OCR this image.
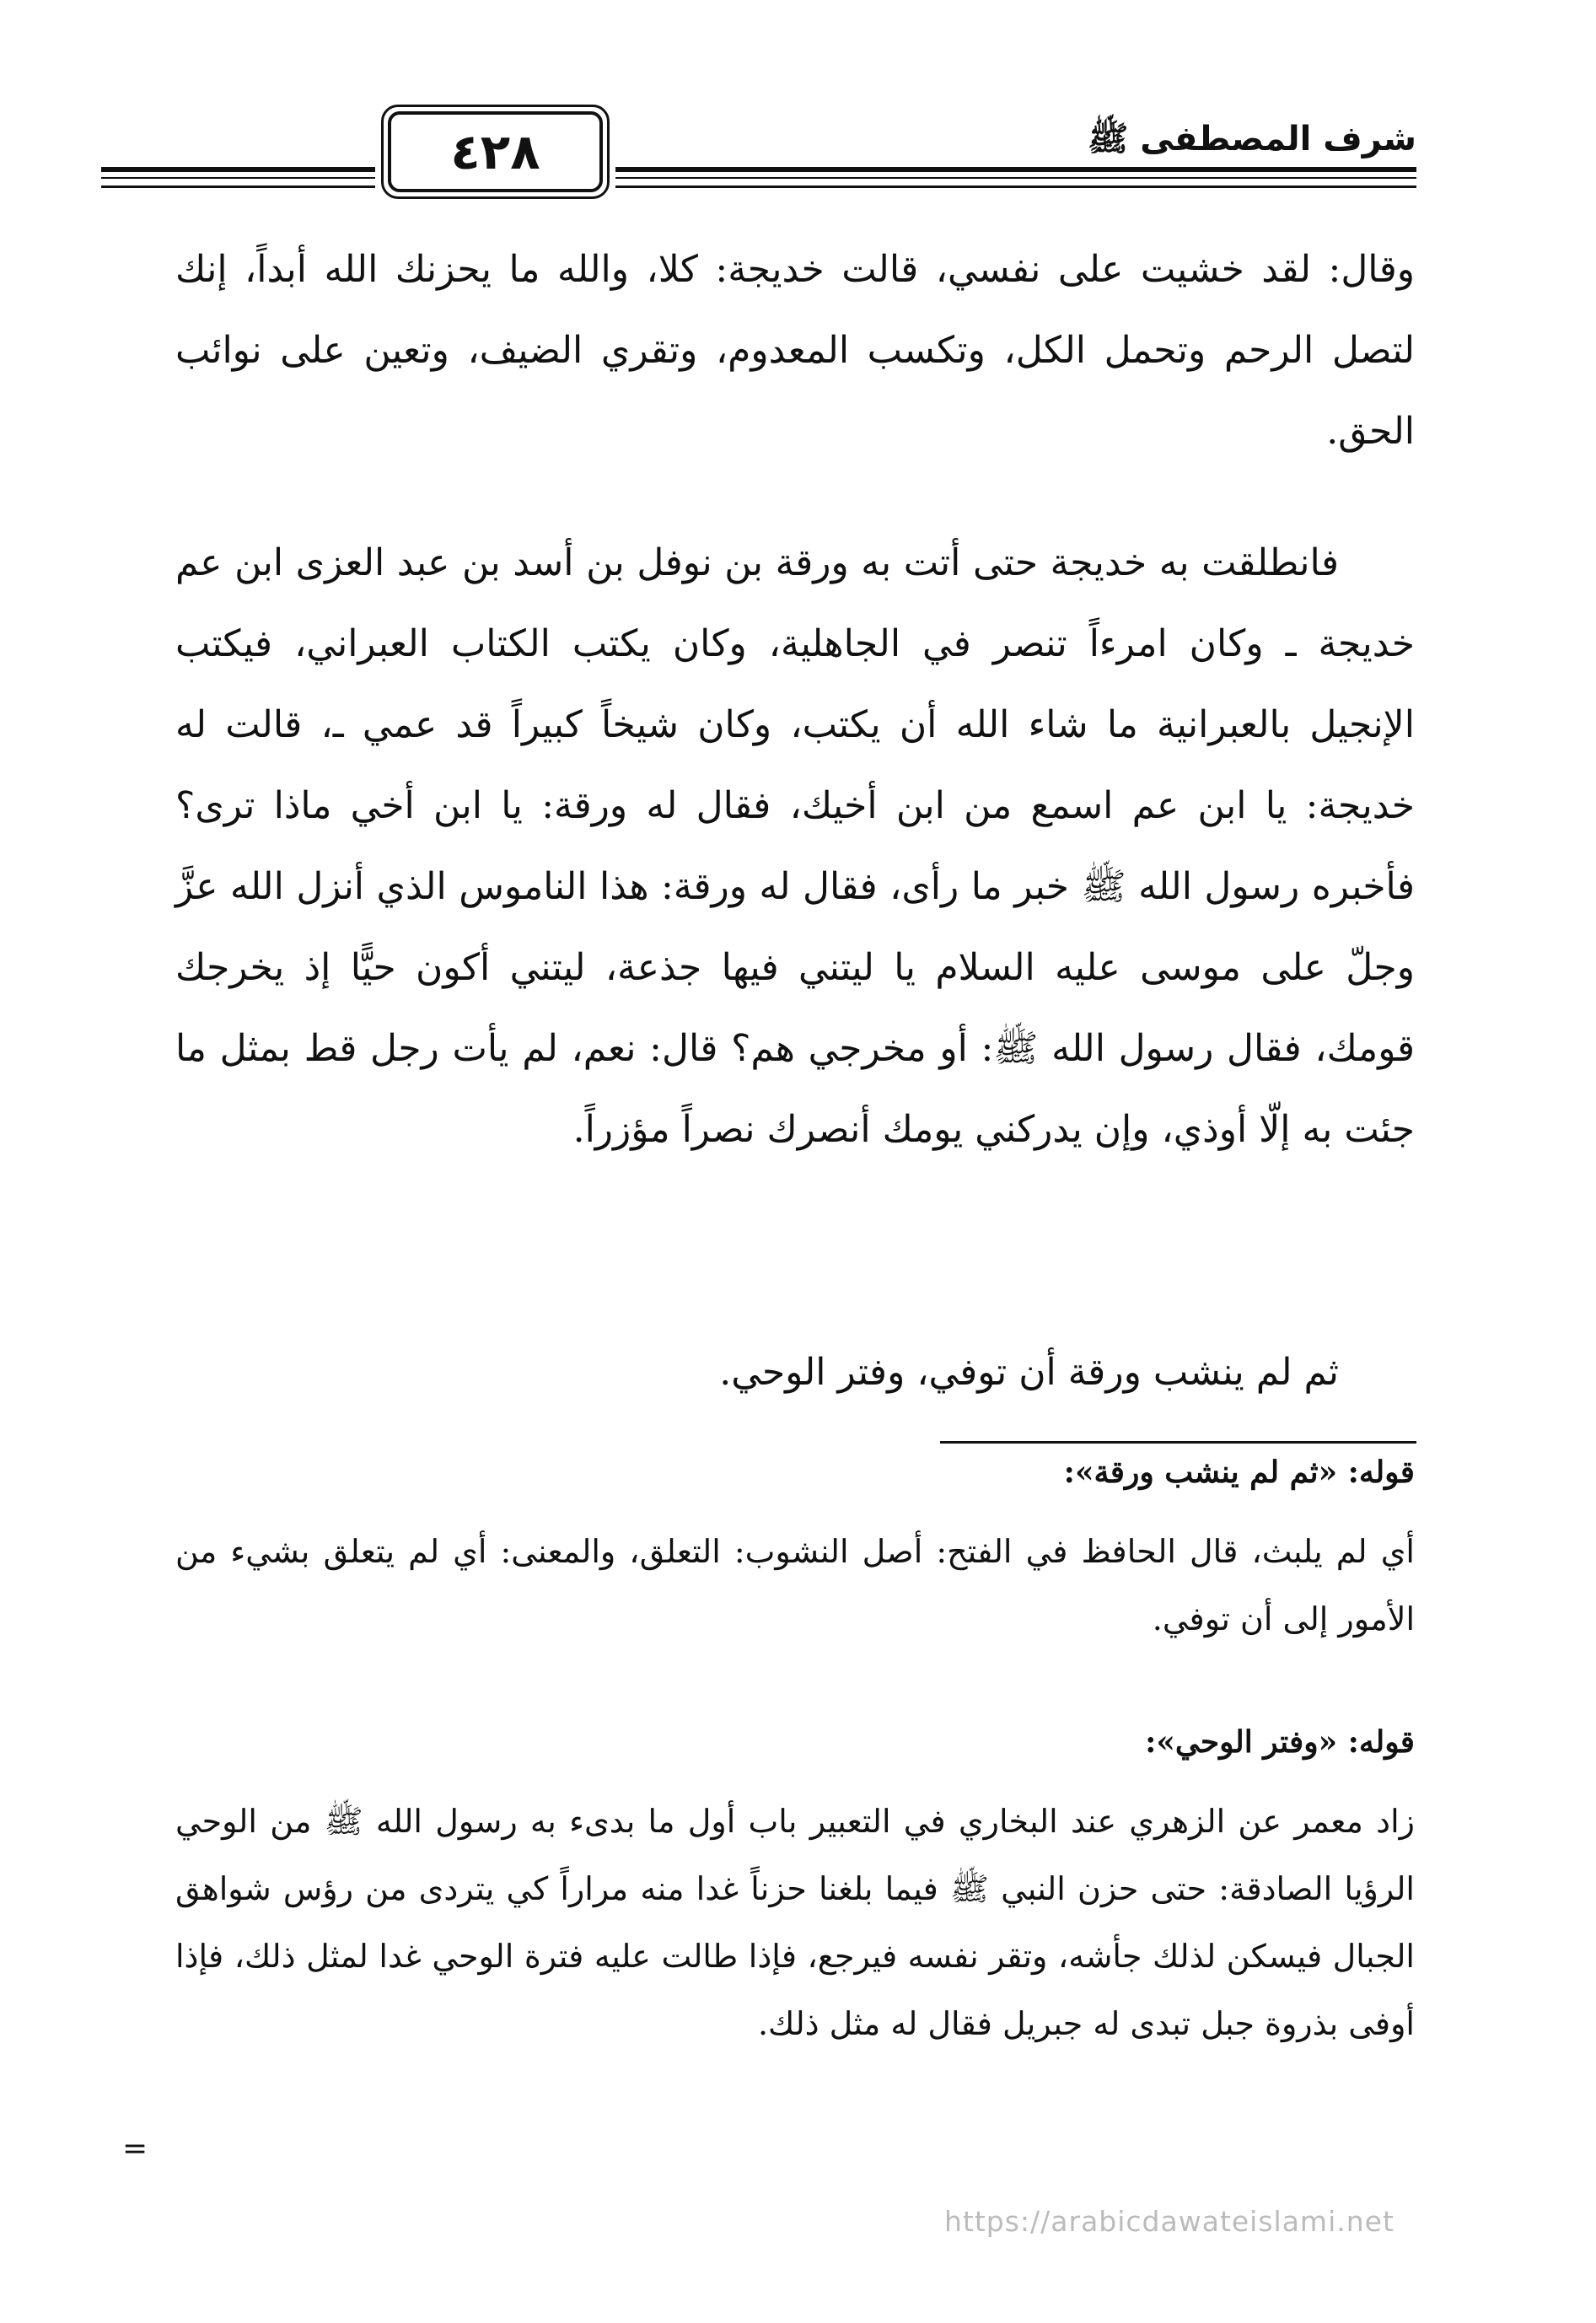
٤٢٨	شرف المصطفى ﷺ

وقال: لقد خشيت على نفسي، قالت خديجة: كلا، والله ما يحزنك الله أبداً، إنك لتصل الرحم وتحمل الكل، وتكسب المعدوم، وتقري الضيف، وتعين على نوائب الحق.

فانطلقت به خديجة حتى أتت به ورقة بن نوفل بن أسد بن عبد العزى ابن عم خديجة ـ وكان امرءاً تنصر في الجاهلية، وكان يكتب الكتاب العبراني، فيكتب الإنجيل بالعبرانية ما شاء الله أن يكتب، وكان شيخاً كبيراً قد عمي ـ، قالت له خديجة: يا ابن عم اسمع من ابن أخيك، فقال له ورقة: يا ابن أخي ماذا ترى؟ فأخبره رسول الله ﷺ خبر ما رأى، فقال له ورقة: هذا الناموس الذي أنزل الله عزَّ وجلّ على موسى عليه السلام يا ليتني فيها جذعة، ليتني أكون حيًّا إذ يخرجك قومك، فقال رسول الله ﷺ: أو مخرجي هم؟ قال: نعم، لم يأت رجل قط بمثل ما جئت به إلّا أوذي، وإن يدركني يومك أنصرك نصراً مؤزراً.

ثم لم ينشب ورقة أن توفي، وفتر الوحي.

قوله: «ثم لم ينشب ورقة»:

أي لم يلبث، قال الحافظ في الفتح: أصل النشوب: التعلق، والمعنى: أي لم يتعلق بشيء من الأمور إلى أن توفي.

قوله: «وفتر الوحي»:

زاد معمر عن الزهري عند البخاري في التعبير باب أول ما بدىء به رسول الله ﷺ من الوحي الرؤيا الصادقة: حتى حزن النبي ﷺ فيما بلغنا حزناً غدا منه مراراً كي يتردى من رؤس شواهق الجبال فيسكن لذلك جأشه، وتقر نفسه فيرجع، فإذا طالت عليه فترة الوحي غدا لمثل ذلك، فإذا أوفى بذروة جبل تبدى له جبريل فقال له مثل ذلك.

=
https://arabicdawateislami.net
